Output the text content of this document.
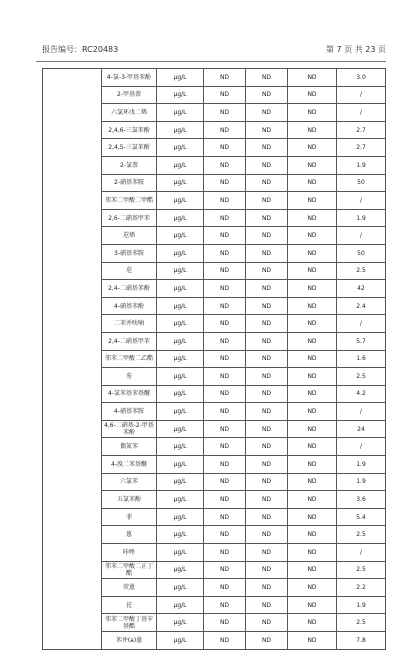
报告编号：RC20483	第 7 页 共 23 页
	4-氯-3-甲基苯酚	μg/L	ND	ND	ND	3.0
	2-甲基萘	μg/L	ND	ND	ND	/
	六氯环戊二烯	μg/L	ND	ND	ND	/
	2,4,6-三氯苯酚	μg/L	ND	ND	ND	2.7
	2,4,5-三氯苯酚	μg/L	ND	ND	ND	2.7
	2-氯萘	μg/L	ND	ND	ND	1.9
	2-硝基苯胺	μg/L	ND	ND	ND	50
	邻苯二甲酸二甲酯	μg/L	ND	ND	ND	/
	2,6-二硝基甲苯	μg/L	ND	ND	ND	1.9
	苊烯	μg/L	ND	ND	ND	/
	3-硝基苯胺	μg/L	ND	ND	ND	50
	苊	μg/L	ND	ND	ND	2.5
	2,4-二硝基苯酚	μg/L	ND	ND	ND	42
	4-硝基苯酚	μg/L	ND	ND	ND	2.4
	二苯并呋喃	μg/L	ND	ND	ND	/
	2,4-二硝基甲苯	μg/L	ND	ND	ND	5.7
	邻苯二甲酸二乙酯	μg/L	ND	ND	ND	1.6
	芴	μg/L	ND	ND	ND	2.5
	4-氯苯基苯基醚	μg/L	ND	ND	ND	4.2
	4-硝基苯胺	μg/L	ND	ND	ND	/
	4,6-二硝基-2-甲基苯酚	μg/L	ND	ND	ND	24
	偶氮苯	μg/L	ND	ND	ND	/
	4-溴二苯基醚	μg/L	ND	ND	ND	1.9
	六氯苯	μg/L	ND	ND	ND	1.9
	五氯苯酚	μg/L	ND	ND	ND	3.6
	菲	μg/L	ND	ND	ND	5.4
	蒽	μg/L	ND	ND	ND	2.5
	咔唑	μg/L	ND	ND	ND	/
	邻苯二甲酸二正丁酯	μg/L	ND	ND	ND	2.5
	荧蒽	μg/L	ND	ND	ND	2.2
	芘	μg/L	ND	ND	ND	1.9
	邻苯二甲酸丁基苄基酯	μg/L	ND	ND	ND	2.5
	苯并(a)蒽	μg/L	ND	ND	ND	7.8
